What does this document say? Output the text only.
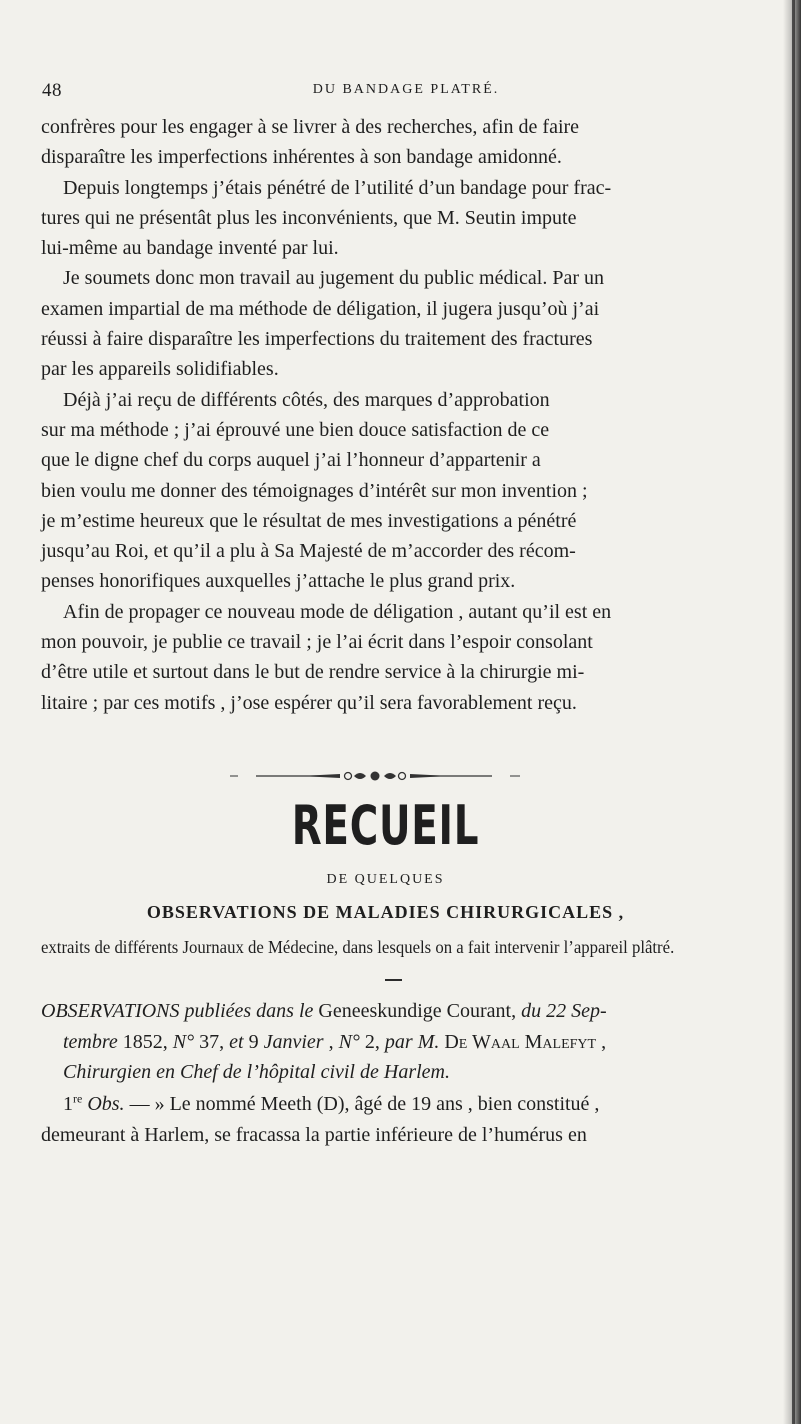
48	DU BANDAGE PLATRÉ.

confrères pour les engager à se livrer à des recherches, afin de faire

disparaître les imperfections inhérentes à son bandage amidonné.

Depuis longtemps j’étais pénétré de l’utilité d’un bandage pour frac-

tures qui ne présentât plus les inconvénients, que M. Seutin impute

lui-même au bandage inventé par lui.

Je soumets donc mon travail au jugement du public médical. Par un

examen impartial de ma méthode de déligation, il jugera jusqu’où j’ai

réussi à faire disparaître les imperfections du traitement des fractures

par les appareils solidifiables.

Déjà j’ai reçu de différents côtés, des marques d’approbation

sur ma méthode ; j’ai éprouvé une bien douce satisfaction de ce

que le digne chef du corps auquel j’ai l’honneur d’appartenir a

bien voulu me donner des témoignages d’intérêt sur mon invention ;

je m’estime heureux que le résultat de mes investigations a pénétré

jusqu’au Roi, et qu’il a plu à Sa Majesté de m’accorder des récom-

penses honorifiques auxquelles j’attache le plus grand prix.

Afin de propager ce nouveau mode de déligation , autant qu’il est en

mon pouvoir, je publie ce travail ; je l’ai écrit dans l’espoir consolant

d’être utile et surtout dans le but de rendre service à la chirurgie mi-

litaire ; par ces motifs , j’ose espérer qu’il sera favorablement reçu.

RECUEIL
DE QUELQUES
OBSERVATIONS DE MALADIES CHIRURGICALES ,
extraits de différents Journaux de Médecine, dans lesquels on a fait intervenir l’appareil plâtré.
OBSERVATIONS publiées dans le Geneeskundige Courant, du 22 Sep-
tembre 1852, N° 37, et 9 Janvier , N° 2, par M. De Waal Malefyt ,
Chirurgien en Chef de l’hôpital civil de Harlem.

1re Obs. — » Le nommé Meeth (D), âgé de 19 ans , bien constitué ,

demeurant à Harlem, se fracassa la partie inférieure de l’humérus en
